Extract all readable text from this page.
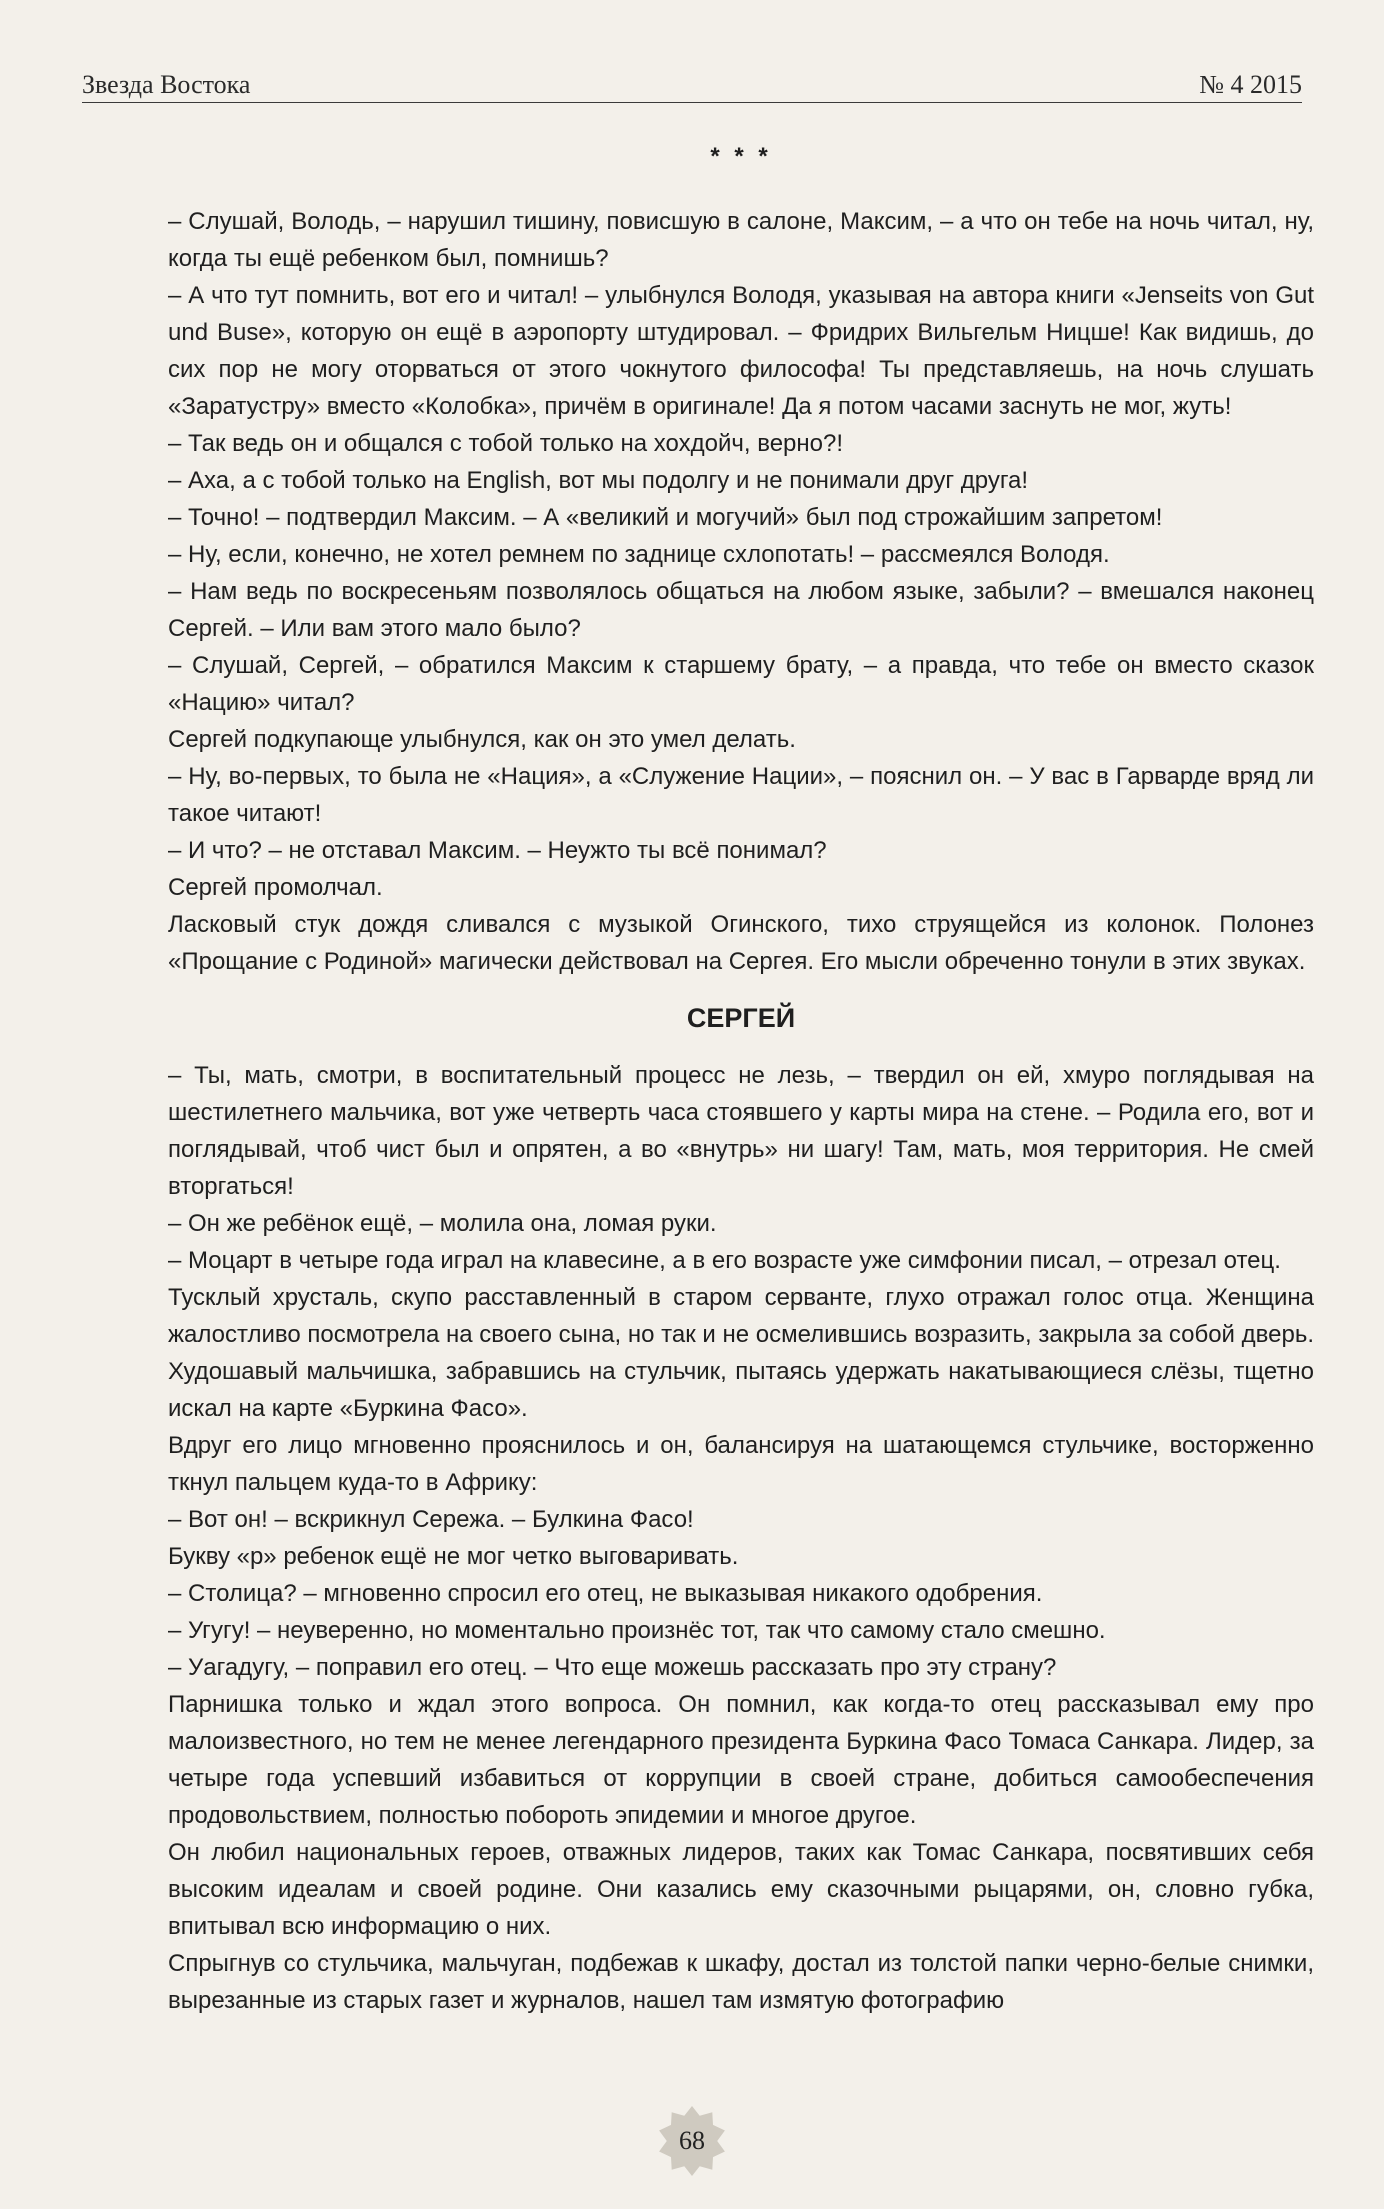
Звезда Востока	№ 4 2015
* * *

– Слушай, Володь, – нарушил тишину, повисшую в салоне, Максим, – а что он тебе на ночь читал, ну, когда ты ещё ребенком был, помнишь?

– А что тут помнить, вот его и читал! – улыбнулся Володя, указывая на автора книги «Jenseits von Gut und Buse», которую он ещё в аэропорту штудировал. – Фридрих Вильгельм Ницше! Как видишь, до сих пор не могу оторваться от этого чокнутого философа! Ты представляешь, на ночь слушать «Заратустру» вместо «Колобка», причём в оригинале! Да я потом часами заснуть не мог, жуть!

– Так ведь он и общался с тобой только на хохдойч, верно?!

– Аха, а с тобой только на English, вот мы подолгу и не понимали друг друга!

– Точно! – подтвердил Максим. – А «великий и могучий» был под строжайшим запретом!

– Ну, если, конечно, не хотел ремнем по заднице схлопотать! – рассмеялся Володя.

– Нам ведь по воскресеньям позволялось общаться на любом языке, забыли? – вмешался наконец Сергей. – Или вам этого мало было?

– Слушай, Сергей, – обратился Максим к старшему брату, – а правда, что тебе он вместо сказок «Нацию» читал?

Сергей подкупающе улыбнулся, как он это умел делать.

– Ну, во-первых, то была не «Нация», а «Служение Нации», – пояснил он. – У вас в Гарварде вряд ли такое читают!

– И что? – не отставал Максим. – Неужто ты всё понимал?

Сергей промолчал.

Ласковый стук дождя сливался с музыкой Огинского, тихо струящейся из колонок. Полонез «Прощание с Родиной» магически действовал на Сергея. Его мысли обреченно тонули в этих звуках.

СЕРГЕЙ

– Ты, мать, смотри, в воспитательный процесс не лезь, – твердил он ей, хмуро поглядывая на шестилетнего мальчика, вот уже четверть часа стоявшего у карты мира на стене. – Родила его, вот и поглядывай, чтоб чист был и опрятен, а во «внутрь» ни шагу! Там, мать, моя территория. Не смей вторгаться!

– Он же ребёнок ещё, – молила она, ломая руки.

– Моцарт в четыре года играл на клавесине, а в его возрасте уже симфонии писал, – отрезал отец.

Тусклый хрусталь, скупо расставленный в старом серванте, глухо отражал голос отца. Женщина жалостливо посмотрела на своего сына, но так и не осмелившись возразить, закрыла за собой дверь. Худошавый мальчишка, забравшись на стульчик, пытаясь удержать накатывающиеся слёзы, тщетно искал на карте «Буркина Фасо».

Вдруг его лицо мгновенно прояснилось и он, балансируя на шатающемся стульчике, восторженно ткнул пальцем куда-то в Африку:

– Вот он! – вскрикнул Сережа. – Булкина Фасо!

Букву «р» ребенок ещё не мог четко выговаривать.

– Столица? – мгновенно спросил его отец, не выказывая никакого одобрения.

– Угугу! – неуверенно, но моментально произнёс тот, так что самому стало смешно.

– Уагадугу, – поправил его отец. – Что еще можешь рассказать про эту страну?

Парнишка только и ждал этого вопроса. Он помнил, как когда-то отец рассказывал ему про малоизвестного, но тем не менее легендарного президента Буркина Фасо Томаса Санкара. Лидер, за четыре года успевший избавиться от коррупции в своей стране, добиться самообеспечения продовольствием, полностью побороть эпидемии и многое другое.

Он любил национальных героев, отважных лидеров, таких как Томас Санкара, посвятивших себя высоким идеалам и своей родине. Они казались ему сказочными рыцарями, он, словно губка, впитывал всю информацию о них.

Спрыгнув со стульчика, мальчуган, подбежав к шкафу, достал из толстой папки черно-белые снимки, вырезанные из старых газет и журналов, нашел там измятую фотографию

68
